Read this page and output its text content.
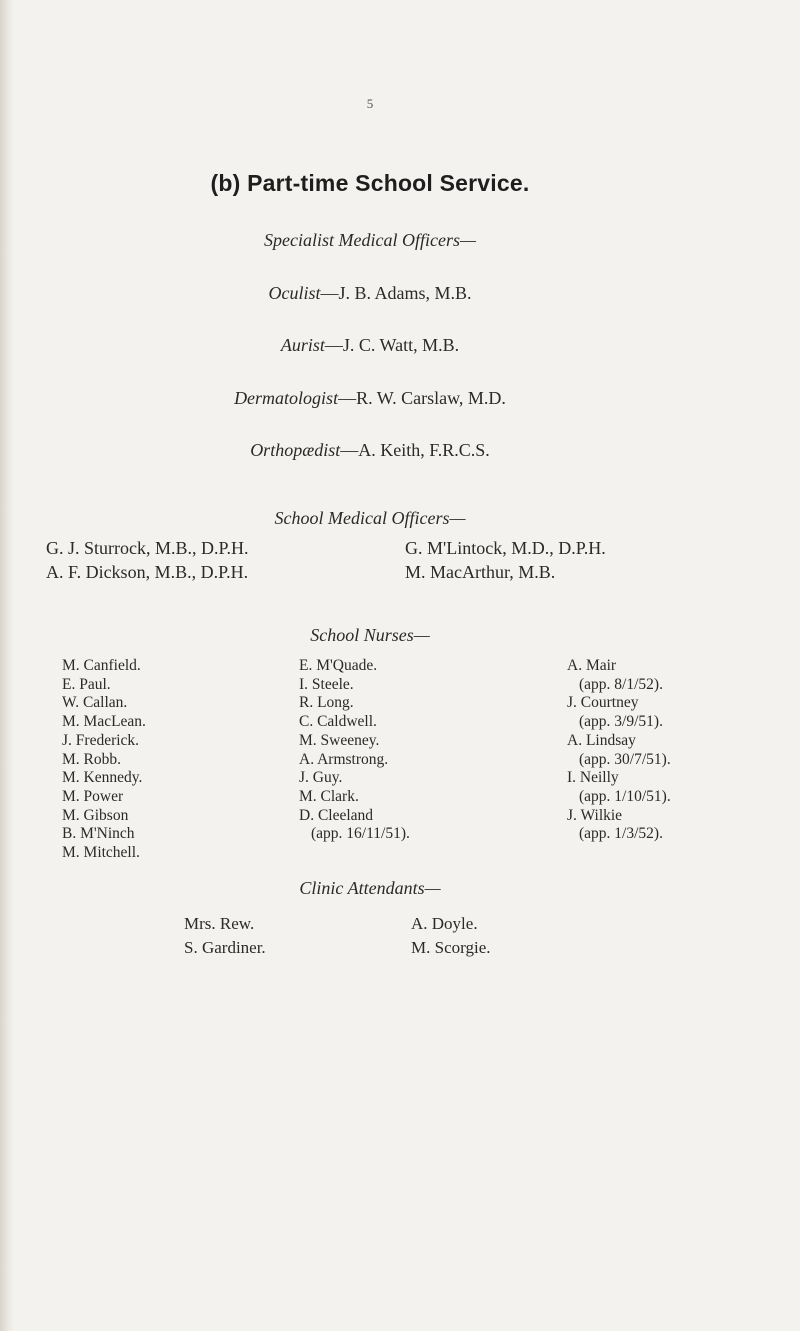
5
(b) Part-time School Service.
Specialist Medical Officers—
Oculist—J. B. Adams, M.B.
Aurist—J. C. Watt, M.B.
Dermatologist—R. W. Carslaw, M.D.
Orthopædist—A. Keith, F.R.C.S.
School Medical Officers—
G. J. Sturrock, M.B., D.P.H.
A. F. Dickson, M.B., D.P.H.
G. M'Lintock, M.D., D.P.H.
M. MacArthur, M.B.
School Nurses—
M. Canfield.
E. Paul.
W. Callan.
M. MacLean.
J. Frederick.
M. Robb.
M. Kennedy.
M. Power
M. Gibson
B. M'Ninch
M. Mitchell.
E. M'Quade.
I. Steele.
R. Long.
C. Caldwell.
M. Sweeney.
A. Armstrong.
J. Guy.
M. Clark.
D. Cleeland
(app. 16/11/51).
A. Mair
(app. 8/1/52).
J. Courtney
(app. 3/9/51).
A. Lindsay
(app. 30/7/51).
I. Neilly
(app. 1/10/51).
J. Wilkie
(app. 1/3/52).
Clinic Attendants—
Mrs. Rew.
S. Gardiner.
A. Doyle.
M. Scorgie.
